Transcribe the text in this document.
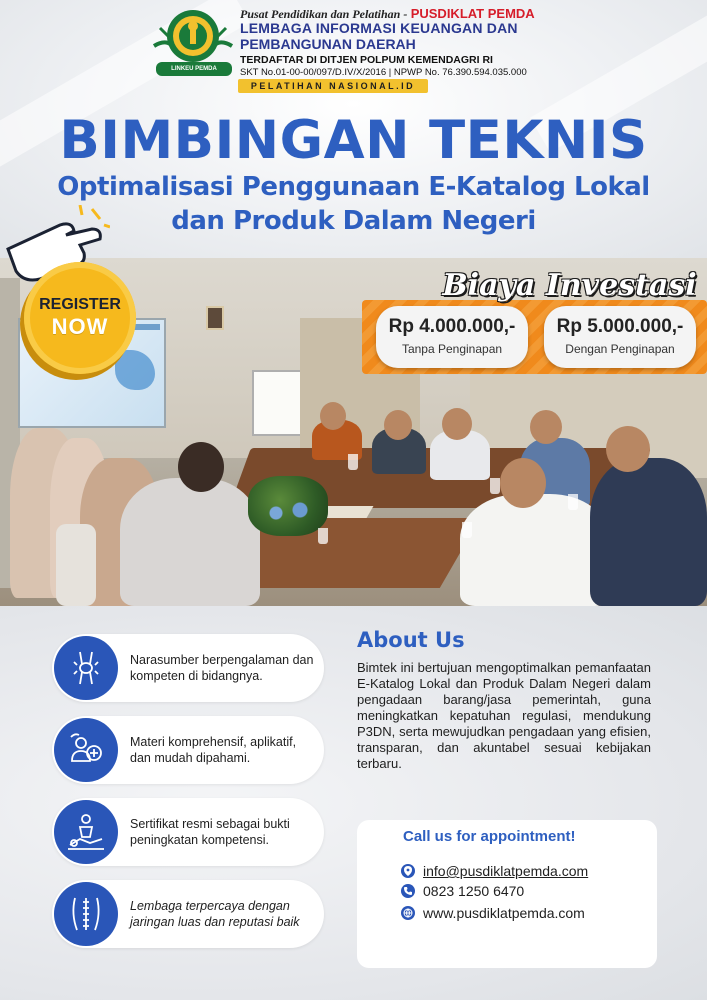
LINKEU PEMDA
Pusat Pendidikan dan Pelatihan - PUSDIKLAT PEMDA
LEMBAGA INFORMASI KEUANGAN DAN
PEMBANGUNAN DAERAH
TERDAFTAR DI DITJEN POLPUM KEMENDAGRI RI
SKT No.01-00-00/097/D.IV/X/2016 | NPWP No. 76.390.594.035.000
PELATIHAN NASIONAL.ID
BIMBINGAN TEKNIS
Optimalisasi Penggunaan E-Katalog Lokal
dan Produk Dalam Negeri
REGISTER
NOW
Biaya Investasi
Rp 4.000.000,-
Tanpa Penginapan
Rp 5.000.000,-
Dengan Penginapan
Narasumber berpengalaman dan kompeten di bidangnya.
Materi komprehensif, aplikatif, dan mudah dipahami.
Sertifikat resmi sebagai bukti peningkatan kompetensi.
Lembaga terpercaya dengan jaringan luas dan reputasi baik
About Us
Bimtek ini bertujuan mengoptimalkan pemanfaatan E-Katalog Lokal dan Produk Dalam Negeri dalam pengadaan barang/jasa pemerintah, guna meningkatkan kepatuhan regulasi, mendukung P3DN, serta mewujudkan pengadaan yang efisien, transparan, dan akuntabel sesuai kebijakan terbaru.
Call us for appointment!
info@pusdiklatpemda.com
0823 1250 6470
www.pusdiklatpemda.com
